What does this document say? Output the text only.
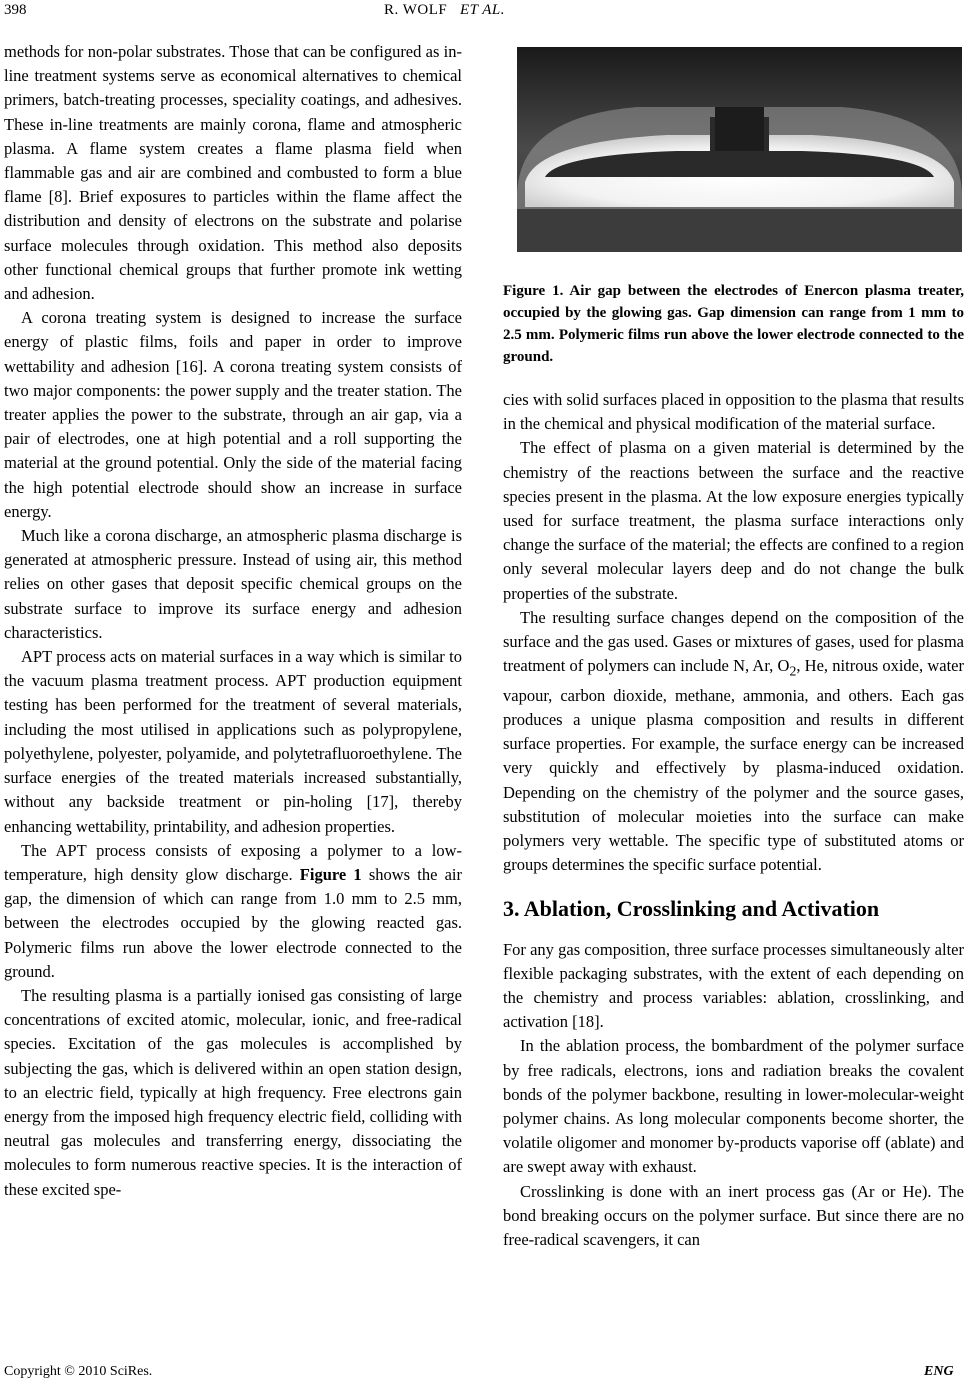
398	R. WOLF ET AL.

methods for non-polar substrates. Those that can be configured as in-line treatment systems serve as economical alternatives to chemical primers, batch-treating processes, speciality coatings, and adhesives. These in-line treatments are mainly corona, flame and atmospheric plasma. A flame system creates a flame plasma field when flammable gas and air are combined and combusted to form a blue flame [8]. Brief exposures to particles within the flame affect the distribution and density of electrons on the substrate and polarise surface molecules through oxidation. This method also deposits other functional chemical groups that further promote ink wetting and adhesion.

A corona treating system is designed to increase the surface energy of plastic films, foils and paper in order to improve wettability and adhesion [16]. A corona treating system consists of two major components: the power supply and the treater station. The treater applies the power to the substrate, through an air gap, via a pair of electrodes, one at high potential and a roll supporting the material at the ground potential. Only the side of the material facing the high potential electrode should show an increase in surface energy.

Much like a corona discharge, an atmospheric plasma discharge is generated at atmospheric pressure. Instead of using air, this method relies on other gases that deposit specific chemical groups on the substrate surface to improve its surface energy and adhesion characteristics.

APT process acts on material surfaces in a way which is similar to the vacuum plasma treatment process. APT production equipment testing has been performed for the treatment of several materials, including the most utilised in applications such as polypropylene, polyethylene, polyester, polyamide, and polytetrafluoroethylene. The surface energies of the treated materials increased substantially, without any backside treatment or pin-holing [17], thereby enhancing wettability, printability, and adhesion properties.

The APT process consists of exposing a polymer to a low-temperature, high density glow discharge. Figure 1 shows the air gap, the dimension of which can range from 1.0 mm to 2.5 mm, between the electrodes occupied by the glowing reacted gas. Polymeric films run above the lower electrode connected to the ground.

The resulting plasma is a partially ionised gas consisting of large concentrations of excited atomic, molecular, ionic, and free-radical species. Excitation of the gas molecules is accomplished by subjecting the gas, which is delivered within an open station design, to an electric field, typically at high frequency. Free electrons gain energy from the imposed high frequency electric field, colliding with neutral gas molecules and transferring energy, dissociating the molecules to form numerous reactive species. It is the interaction of these excited spe-

Figure 1. Air gap between the electrodes of Enercon plasma treater, occupied by the glowing gas. Gap dimension can range from 1 mm to 2.5 mm. Polymeric films run above the lower electrode connected to the ground.

cies with solid surfaces placed in opposition to the plasma that results in the chemical and physical modification of the material surface.

The effect of plasma on a given material is determined by the chemistry of the reactions between the surface and the reactive species present in the plasma. At the low exposure energies typically used for surface treatment, the plasma surface interactions only change the surface of the material; the effects are confined to a region only several molecular layers deep and do not change the bulk properties of the substrate.

The resulting surface changes depend on the composition of the surface and the gas used. Gases or mixtures of gases, used for plasma treatment of polymers can include N, Ar, $O_2$, He, nitrous oxide, water vapour, carbon dioxide, methane, ammonia, and others. Each gas produces a unique plasma composition and results in different surface properties. For example, the surface energy can be increased very quickly and effectively by plasma-induced oxidation. Depending on the chemistry of the polymer and the source gases, substitution of molecular moieties into the surface can make polymers very wettable. The specific type of substituted atoms or groups determines the specific surface potential.

3. Ablation, Crosslinking and Activation

For any gas composition, three surface processes simultaneously alter flexible packaging substrates, with the extent of each depending on the chemistry and process variables: ablation, crosslinking, and activation [18].

In the ablation process, the bombardment of the polymer surface by free radicals, electrons, ions and radiation breaks the covalent bonds of the polymer backbone, resulting in lower-molecular-weight polymer chains. As long molecular components become shorter, the volatile oligomer and monomer by-products vaporise off (ablate) and are swept away with exhaust.

Crosslinking is done with an inert process gas (Ar or He). The bond breaking occurs on the polymer surface. But since there are no free-radical scavengers, it can

Copyright © 2010 SciRes.	ENG
